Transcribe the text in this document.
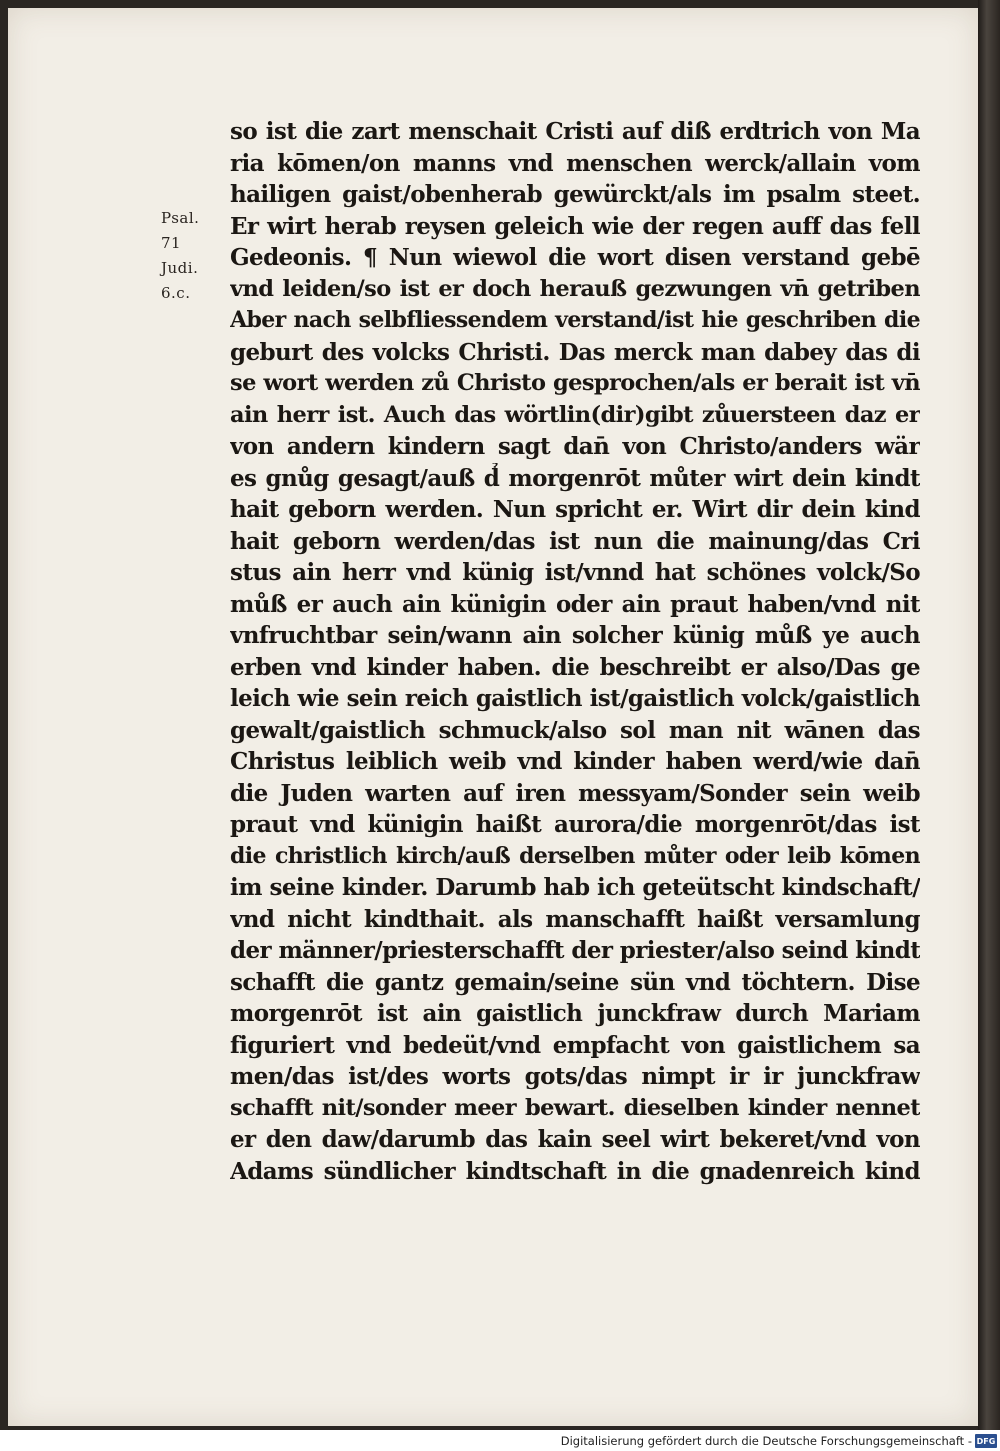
Psal.
71
Judi.
6.c.
so ist die zart menschait Cristi auf diß erdtrich von Ma
ria kōmen/on manns vnd menschen werck/allain vom
hailigen gaist/obenherab gewürckt/als im psalm steet.
Er wirt herab reysen geleich wie der regen auff das fell
Gedeonis. ¶ Nun wiewol die wort disen verstand gebē
vnd leiden/so ist er doch herauß gezwungen vn̄ getriben
Aber nach selbfliessendem verstand/ist hie geschriben die
geburt des volcks Christi. Das merck man dabey das di
se wort werden zů Christo gesprochen/als er berait ist vn̄
ain herr ist. Auch das wörtlin(dir)gibt zůuersteen daz er
von andern kindern sagt dan̄ von Christo/anders wär
es gnůg gesagt/auß d̉ morgenrōt můter wirt dein kindt
hait geborn werden. Nun spricht er. Wirt dir dein kind
hait geborn werden/das ist nun die mainung/das Cri
stus ain herr vnd künig ist/vnnd hat schönes volck/So
můß er auch ain künigin oder ain praut haben/vnd nit
vnfruchtbar sein/wann ain solcher künig můß ye auch
erben vnd kinder haben. die beschreibt er also/Das ge
leich wie sein reich gaistlich ist/gaistlich volck/gaistlich
gewalt/gaistlich schmuck/also sol man nit wānen das
Christus leiblich weib vnd kinder haben werd/wie dan̄
die Juden warten auf iren messyam/Sonder sein weib
praut vnd künigin haißt aurora/die morgenrōt/das ist
die christlich kirch/auß derselben můter oder leib kōmen
im seine kinder. Darumb hab ich geteütscht kindschaft/
vnd nicht kindthait. als manschafft haißt versamlung
der männer/priesterschafft der priester/also seind kindt
schafft die gantz gemain/seine sün vnd töchtern. Dise
morgenrōt ist ain gaistlich junckfraw durch Mariam
figuriert vnd bedeüt/vnd empfacht von gaistlichem sa
men/das ist/des worts gots/das nimpt ir ir junckfraw
schafft nit/sonder meer bewart. dieselben kinder nennet
er den daw/darumb das kain seel wirt bekeret/vnd von
Adams sündlicher kindtschaft in die gnadenreich kind
Digitalisierung gefördert durch die Deutsche Forschungsgemeinschaft - DFG
